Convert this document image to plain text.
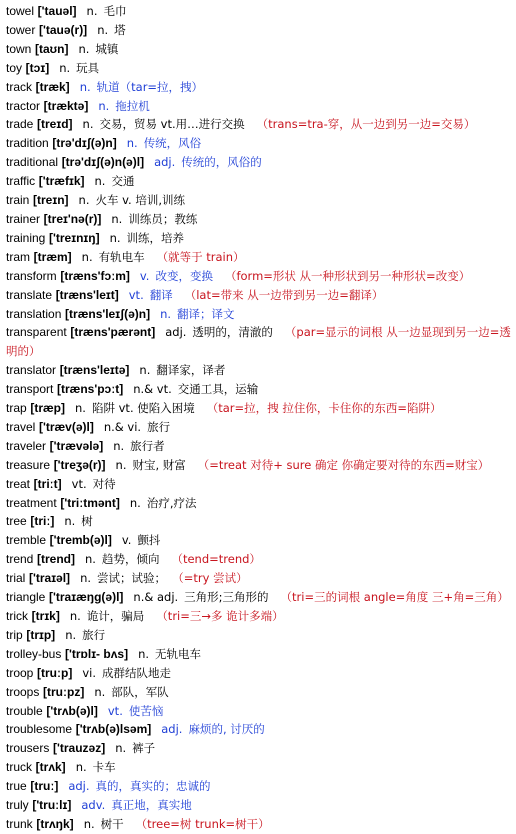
towel ['tauəl] n. 毛巾
tower ['tauə(r)] n. 塔
town [taʊn] n. 城镇
toy [tɔɪ] n. 玩具
track [træk] n. 轨道（tar=拉，拽）
tractor [træktə] n. 拖拉机
trade [treɪd] n. 交易，贸易 vt.用…进行交换 （trans=tra-穿，从一边到另一边=交易）
tradition [trə'dɪʃ(ə)n] n. 传统，风俗
traditional [trə'dɪʃ(ə)n(ə)l] adj. 传统的，风俗的
traffic ['træfɪk] n. 交通
train [treɪn] n. 火车 v. 培训,训练
trainer [treɪ'nə(r)] n. 训练员；教练
training ['treɪnɪŋ] n. 训练，培养
tram [træm] n. 有轨电车 （就等于 train）
transform [træns'fɔːm] v. 改变，变换 （form=形状 从一种形状到另一种形状=改变）
translate [træns'leɪt] vt. 翻译 （lat=带来 从一边带到另一边=翻译）
translation [træns'leɪʃ(ə)n] n. 翻译；译文
transparent [træns'pærənt] adj. 透明的，清澈的 （par=显示的词根 从一边显现到另一边=透明的）
translator [træns'leɪtə] n. 翻译家，译者
transport [træns'pɔːt] n.& vt. 交通工具，运输
trap [træp] n. 陷阱 vt. 使陷入困境 （tar=拉，拽 拉住你，卡住你的东西=陷阱）
travel ['træv(ə)l] n.& vi. 旅行
traveler ['trævələ] n. 旅行者
treasure ['treʒə(r)] n. 财宝, 财富 （=treat 对待+ sure 确定 你确定要对待的东西=财宝）
treat [triːt] vt. 对待
treatment ['triːtmənt] n. 治疗,疗法
tree [triː] n. 树
tremble ['tremb(ə)l] v. 颤抖
trend [trend] n. 趋势，倾向 （tend=trend）
trial ['traɪəl] n. 尝试；试验； （=try 尝试）
triangle ['traɪæŋg(ə)l] n.& adj. 三角形;三角形的 （tri=三的词根 angle=角度 三+角=三角）
trick [trɪk] n. 诡计，骗局 （tri=三→多 诡计多端）
trip [trɪp] n. 旅行
trolley-bus ['trɒlɪ- bʌs] n. 无轨电车
troop [truːp] vi. 成群结队地走
troops [truːpz] n. 部队，军队
trouble ['trʌb(ə)l] vt. 使苦恼
troublesome ['trʌb(ə)lsəm] adj. 麻烦的, 讨厌的
trousers ['trauzəz] n. 裤子
truck [trʌk] n. 卡车
true [truː] adj. 真的，真实的；忠诚的
truly ['truːlɪ] adv. 真正地，真实地
trunk [trʌŋk] n. 树干 （tree=树 trunk=树干）
